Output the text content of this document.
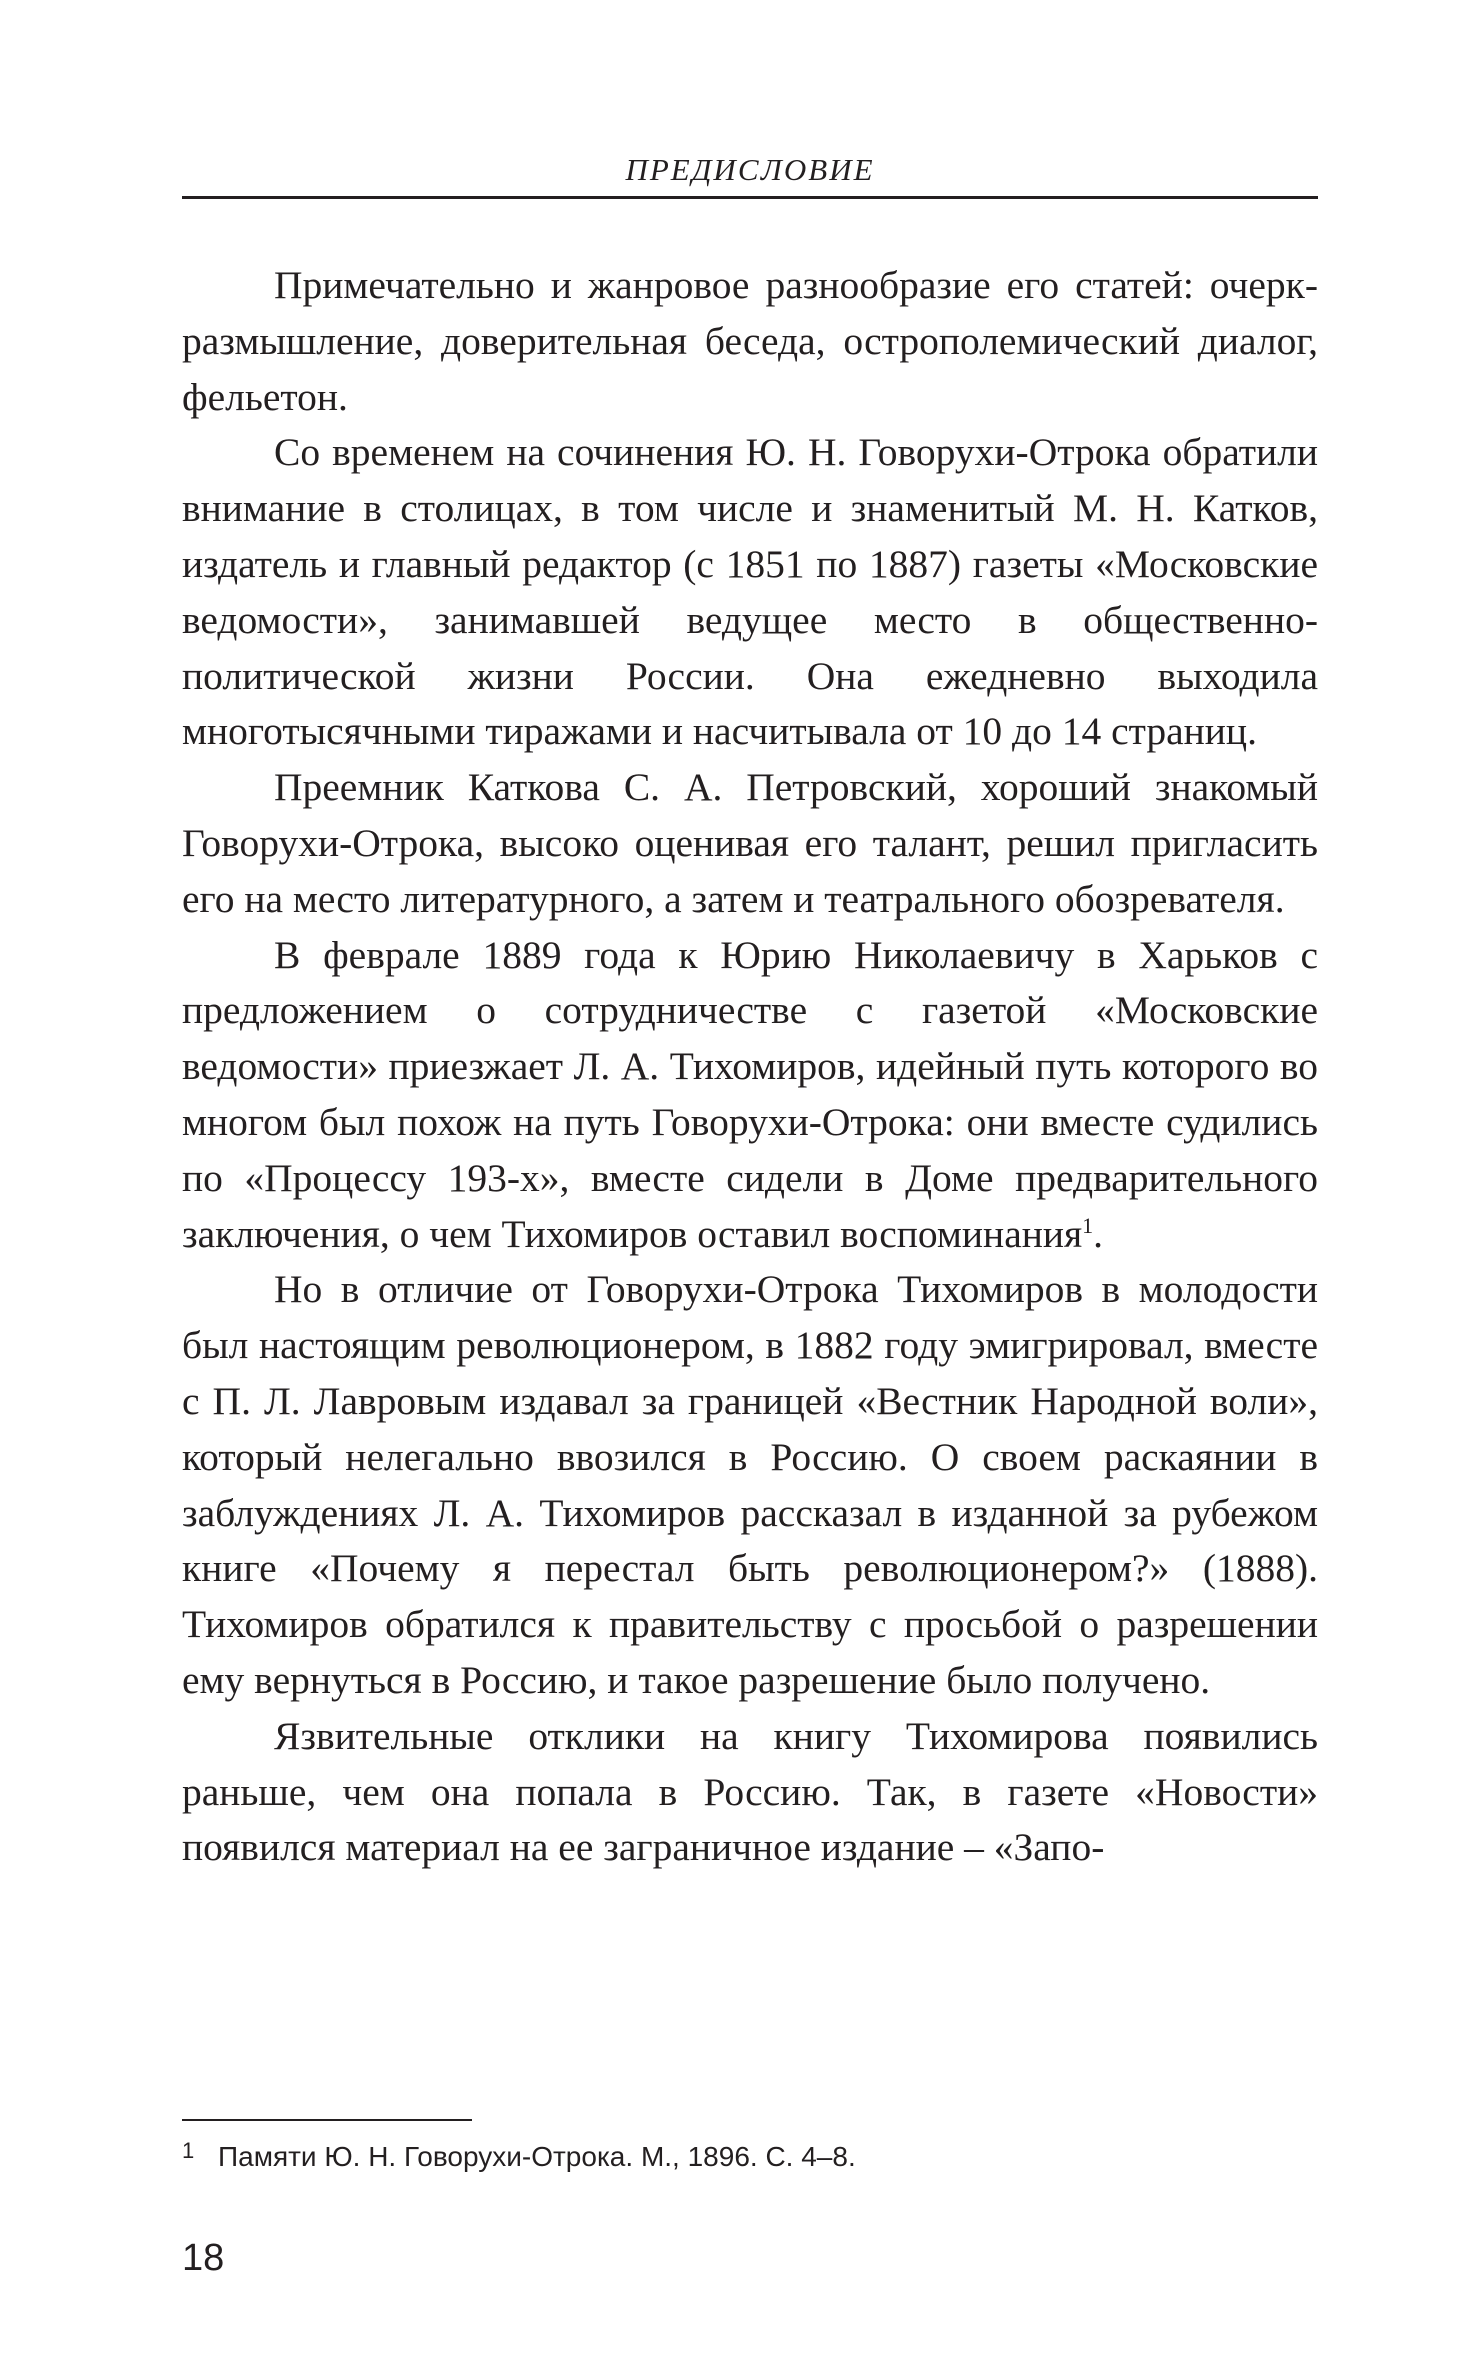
ПРЕДИСЛОВИЕ

Примечательно и жанровое разнообразие его статей: очерк-размышление, доверительная беседа, острополемический диалог, фельетон.

Со временем на сочинения Ю. Н. Говорухи-Отрока обратили внимание в столицах, в том числе и знаменитый М. Н. Катков, издатель и главный редактор (с 1851 по 1887) газеты «Московские ведомости», занимавшей ведущее место в общественно-политической жизни России. Она ежедневно выходила многотысячными тиражами и насчитывала от 10 до 14 страниц.

Преемник Каткова С. А. Петровский, хороший знакомый Говорухи-Отрока, высоко оценивая его талант, решил пригласить его на место литературного, а затем и театрального обозревателя.

В феврале 1889 года к Юрию Николаевичу в Харьков с предложением о сотрудничестве с газетой «Московские ведомости» приезжает Л. А. Тихомиров, идейный путь которого во многом был похож на путь Говорухи-Отрока: они вместе судились по «Процессу 193-х», вместе сидели в Доме предварительного заключения, о чем Тихомиров оставил воспоминания$^1$.

Но в отличие от Говорухи-Отрока Тихомиров в молодости был настоящим революционером, в 1882 году эмигрировал, вместе с П. Л. Лавровым издавал за границей «Вестник Народной воли», который нелегально ввозился в Россию. О своем раскаянии в заблуждениях Л. А. Тихомиров рассказал в изданной за рубежом книге «Почему я перестал быть революционером?» (1888). Тихомиров обратился к правительству с просьбой о разрешении ему вернуться в Россию, и такое разрешение было получено.

Язвительные отклики на книгу Тихомирова появились раньше, чем она попала в Россию. Так, в газете «Новости» появился материал на ее заграничное издание – «Запо-

1 Памяти Ю. Н. Говорухи-Отрока. М., 1896. С. 4–8.
18
